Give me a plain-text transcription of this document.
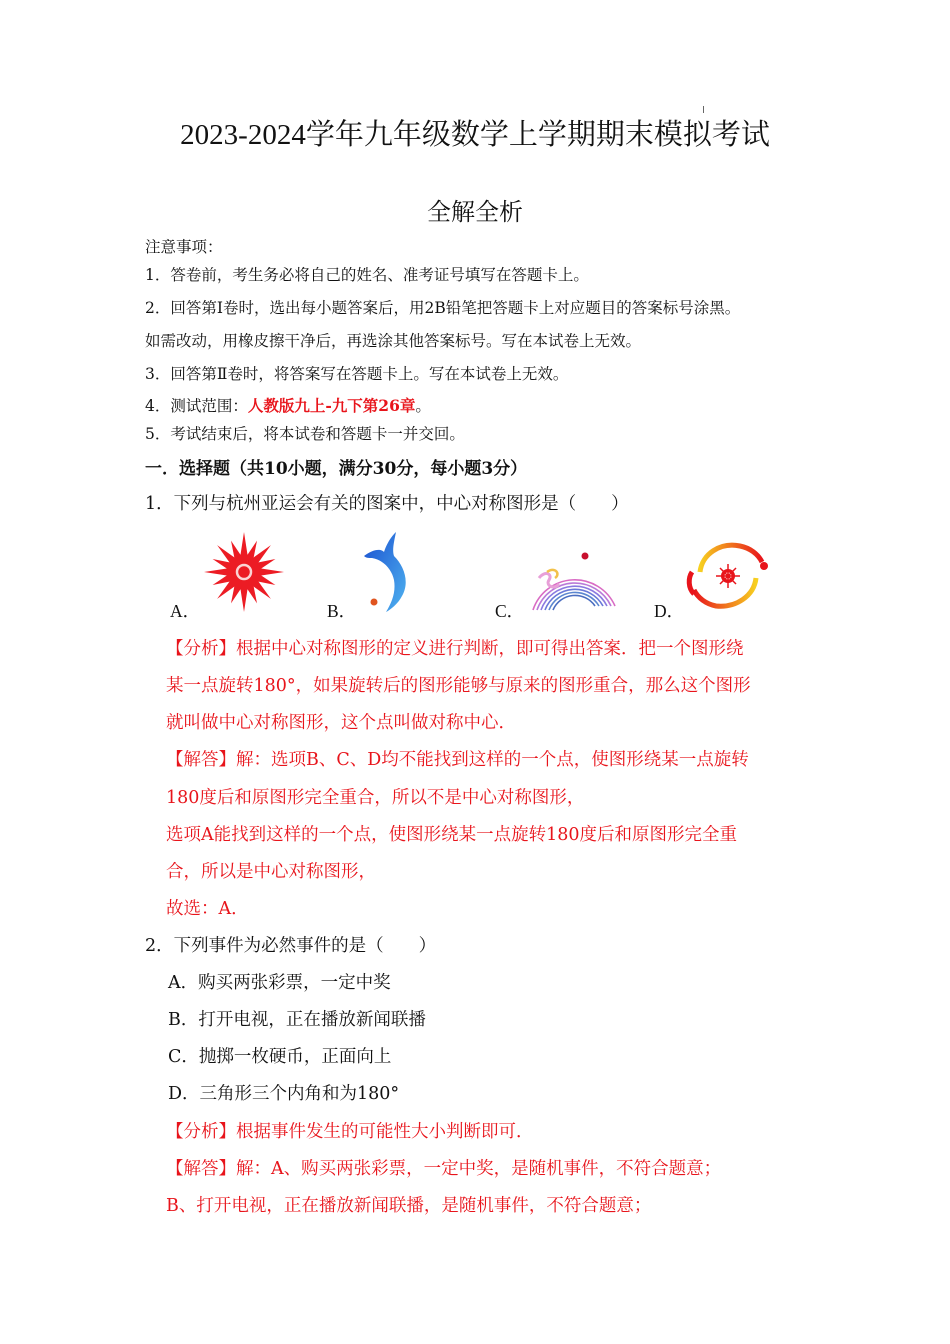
2023-2024学年九年级数学上学期期末模拟考试
全解全析
注意事项：
1．答卷前，考生务必将自己的姓名、准考证号填写在答题卡上。
2．回答第Ⅰ卷时，选出每小题答案后，用2B铅笔把答题卡上对应题目的答案标号涂黑。
如需改动，用橡皮擦干净后，再选涂其他答案标号。写在本试卷上无效。
3．回答第Ⅱ卷时，将答案写在答题卡上。写在本试卷上无效。
4．测试范围：人教版九上-九下第26章。
5．考试结束后，将本试卷和答题卡一并交回。
一．选择题（共10小题，满分30分，每小题3分）
1．下列与杭州亚运会有关的图案中，中心对称图形是（　　）
A．	B．	C．	D．
【分析】根据中心对称图形的定义进行判断，即可得出答案．把一个图形绕
某一点旋转180°，如果旋转后的图形能够与原来的图形重合，那么这个图形
就叫做中心对称图形，这个点叫做对称中心．
【解答】解：选项B、C、D均不能找到这样的一个点，使图形绕某一点旋转
180度后和原图形完全重合，所以不是中心对称图形，
选项A能找到这样的一个点，使图形绕某一点旋转180度后和原图形完全重
合，所以是中心对称图形，
故选：A．
2．下列事件为必然事件的是（　　）
A．购买两张彩票，一定中奖
B．打开电视，正在播放新闻联播
C．抛掷一枚硬币，正面向上
D．三角形三个内角和为180°
【分析】根据事件发生的可能性大小判断即可．
【解答】解：A、购买两张彩票，一定中奖，是随机事件，不符合题意；
B、打开电视，正在播放新闻联播，是随机事件，不符合题意；
